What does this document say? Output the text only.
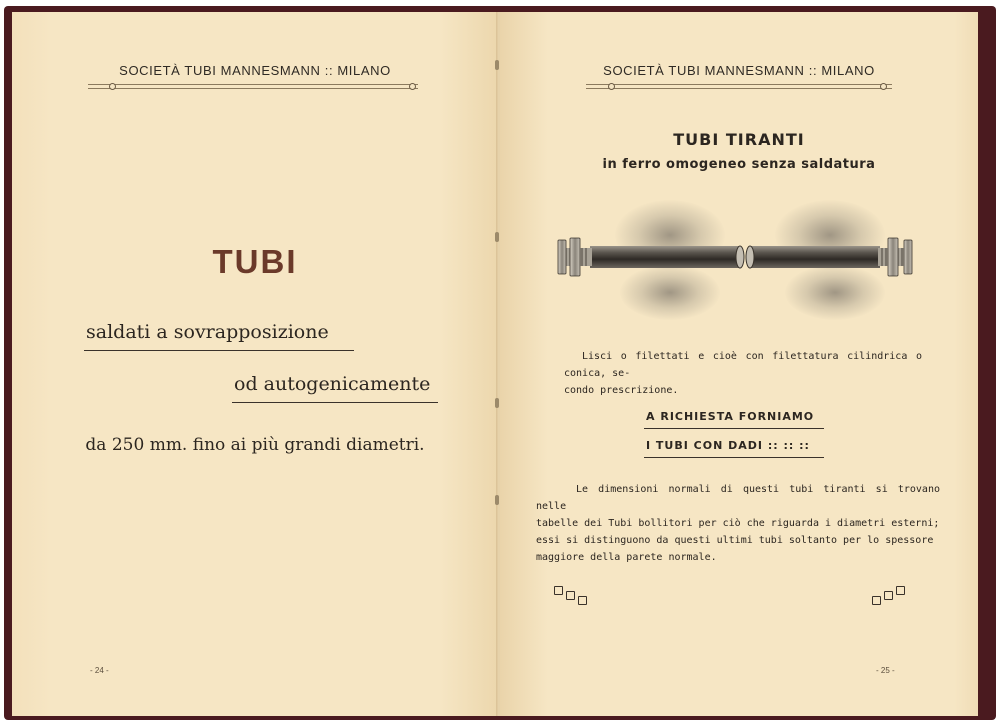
SOCIETÀ TUBI MANNESMANN :: MILANO
TUBI
saldati a sovrapposizione
od autogenicamente
da 250 mm. fino ai più grandi diametri.
- 24 -
SOCIETÀ TUBI MANNESMANN :: MILANO
TUBI TIRANTI
in ferro omogeneo senza saldatura
Lisci o filettati e cioè con filettatura cilindrica o conica, se-
condo prescrizione.
A RICHIESTA FORNIAMO
I TUBI CON DADI :: :: ::
Le dimensioni normali di questi tubi tiranti si trovano nelle
tabelle dei Tubi bollitori per ciò che riguarda i diametri esterni;
essi si distinguono da questi ultimi tubi soltanto per lo spessore
maggiore della parete normale.
- 25 -
